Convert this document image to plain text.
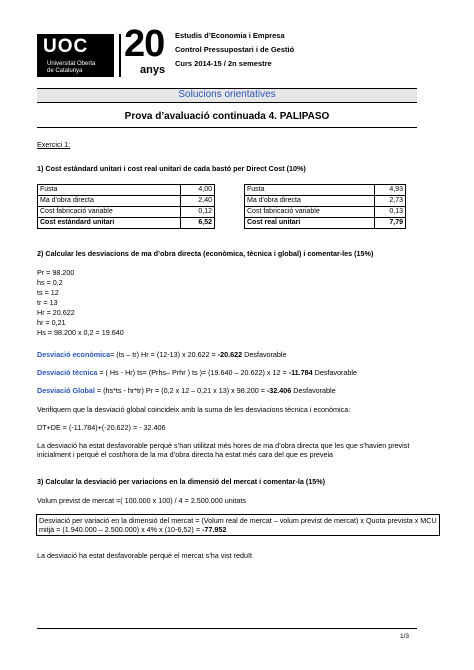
UOC
Universitat Oberta
de Catalunya
20
anys
Estudis d’Economia i Empresa
Control Pressupostari i de Gestió
Curs 2014-15 / 2n semestre
Solucions orientatives
Prova d’avaluació continuada 4. PALIPASO
Exercici 1:
1) Cost estàndard unitari i cost real unitari de cada bastó per Direct Cost (10%)
Fusta	4,00
Ma d'obra directa	2,40
Cost fabricació variable	0,12
Cost estàndard unitari	6,52
Fusta	4,93
Ma d'obra directa	2,73
Cost fabricació variable	0,13
Cost real unitari	7,79
2) Calcular les desviacions de ma d’obra directa (econòmica, tècnica i global) i comentar-les (15%)
Pr = 98.200
hs = 0,2
ts = 12
tr = 13
Hr = 20.622
hr = 0,21
Hs = 98.200 x 0,2 = 19.640
Desviació econòmica= (ts – tr) Hr = (12-13) x 20.622 = -20.622 Desfavorable
Desviació tècnica = ( Hs - Hr) ts= (Prhs– Prhr ) ts )= (19.640 – 20.622) x 12 = -11.784 Desfavorable
Desviació Global = (hs*ts - hr*tr) Pr = (0,2 x 12 – 0,21 x 13) x 98.200 = -32.406 Desfavorable
Verifiquem que la desviació global coincideix amb la suma de les desviacions tècnica i econòmica:
DT+DE = (-11.784)+(-20.622) = - 32.406
La desviació ha estat desfavorable perquè s’han utilitzat més hores de ma d’obra directa que les que s’havien previst inicialment i perquè el cost/hora de la ma d’obra directa ha estat més cara del que es preveia
3) Calcular la desviació per variacions en la dimensió del mercat i comentar-la (15%)
Volum previst de mercat =( 100.000 x 100) / 4 = 2.500.000 unitats
Desviació per variació en la dimensió del mercat = (Volum real de mercat – volum previst de mercat) x Quota prevista x MCU mitjà = (1.940.000 – 2.500.000) x 4% x (10-6,52) = -77.952
La desviació ha estat desfavorable perquè el mercat s’ha vist reduït
1/3
